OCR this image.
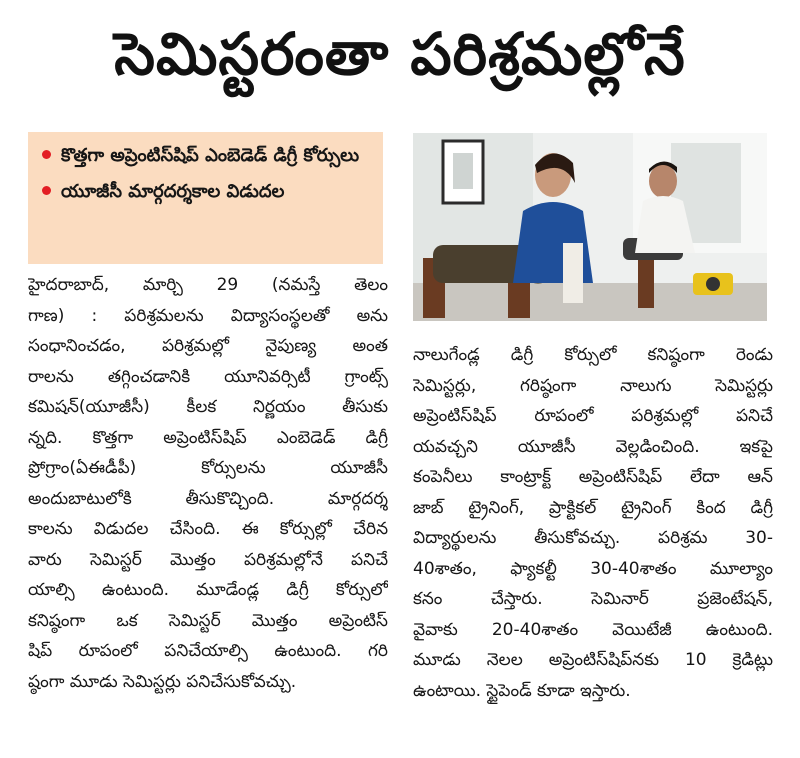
సెమిస్టరంతా పరిశ్రమల్లోనే
కొత్తగా అప్రెంటిస్‌షిప్ ఎంబెడెడ్ డిగ్రీ కోర్సులు
యూజీసీ మార్గదర్శకాల విడుదల
హైదరాబాద్, మార్చి 29 (నమస్తే తెలం
గాణ) : పరిశ్రమలను విద్యాసంస్థలతో అను
సంధానించడం, పరిశ్రమల్లో నైపుణ్య అంత
రాలను తగ్గించడానికి యూనివర్సిటీ గ్రాంట్స్
కమిషన్(యూజీసీ) కీలక నిర్ణయం తీసుకు
న్నది. కొత్తగా అప్రెంటిస్‌షిప్ ఎంబెడెడ్ డిగ్రీ
ప్రోగ్రాం(ఏఈడీపీ) కోర్సులను యూజీసీ
అందుబాటులోకి తీసుకొచ్చింది. మార్గదర్శ
కాలను విడుదల చేసింది. ఈ కోర్సుల్లో చేరిన
వారు సెమిస్టర్ మొత్తం పరిశ్రమల్లోనే పనిచే
యాల్సి ఉంటుంది. మూడేండ్ల డిగ్రీ కోర్సులో
కనిష్ఠంగా ఒక సెమిస్టర్ మొత్తం అప్రెంటిస్
షిప్ రూపంలో పనిచేయాల్సి ఉంటుంది. గరి
ష్ఠంగా మూడు సెమిస్టర్లు పనిచేసుకోవచ్చు.
నాలుగేండ్ల డిగ్రీ కోర్సులో కనిష్ఠంగా రెండు
సెమిస్టర్లు, గరిష్ఠంగా నాలుగు సెమిస్టర్లు
అప్రెంటిస్‌షిప్ రూపంలో పరిశ్రమల్లో పనిచే
యవచ్చని యూజీసీ వెల్లడించింది. ఇకపై
కంపెనీలు కాంట్రాక్ట్ అప్రెంటిస్‌షిప్ లేదా ఆన్
జాబ్ ట్రైనింగ్, ప్రాక్టికల్ ట్రైనింగ్ కింద డిగ్రీ
విద్యార్థులను తీసుకోవచ్చు. పరిశ్రమ 30-
40శాతం, ఫ్యాకల్టీ 30-40శాతం మూల్యాం
కనం చేస్తారు. సెమినార్ ప్రజెంటేషన్,
వైవాకు 20-40శాతం వెయిటేజీ ఉంటుంది.
మూడు నెలల అప్రెంటిస్‌షిప్‌నకు 10 క్రెడిట్లు
ఉంటాయి. స్టైపెండ్ కూడా ఇస్తారు.
